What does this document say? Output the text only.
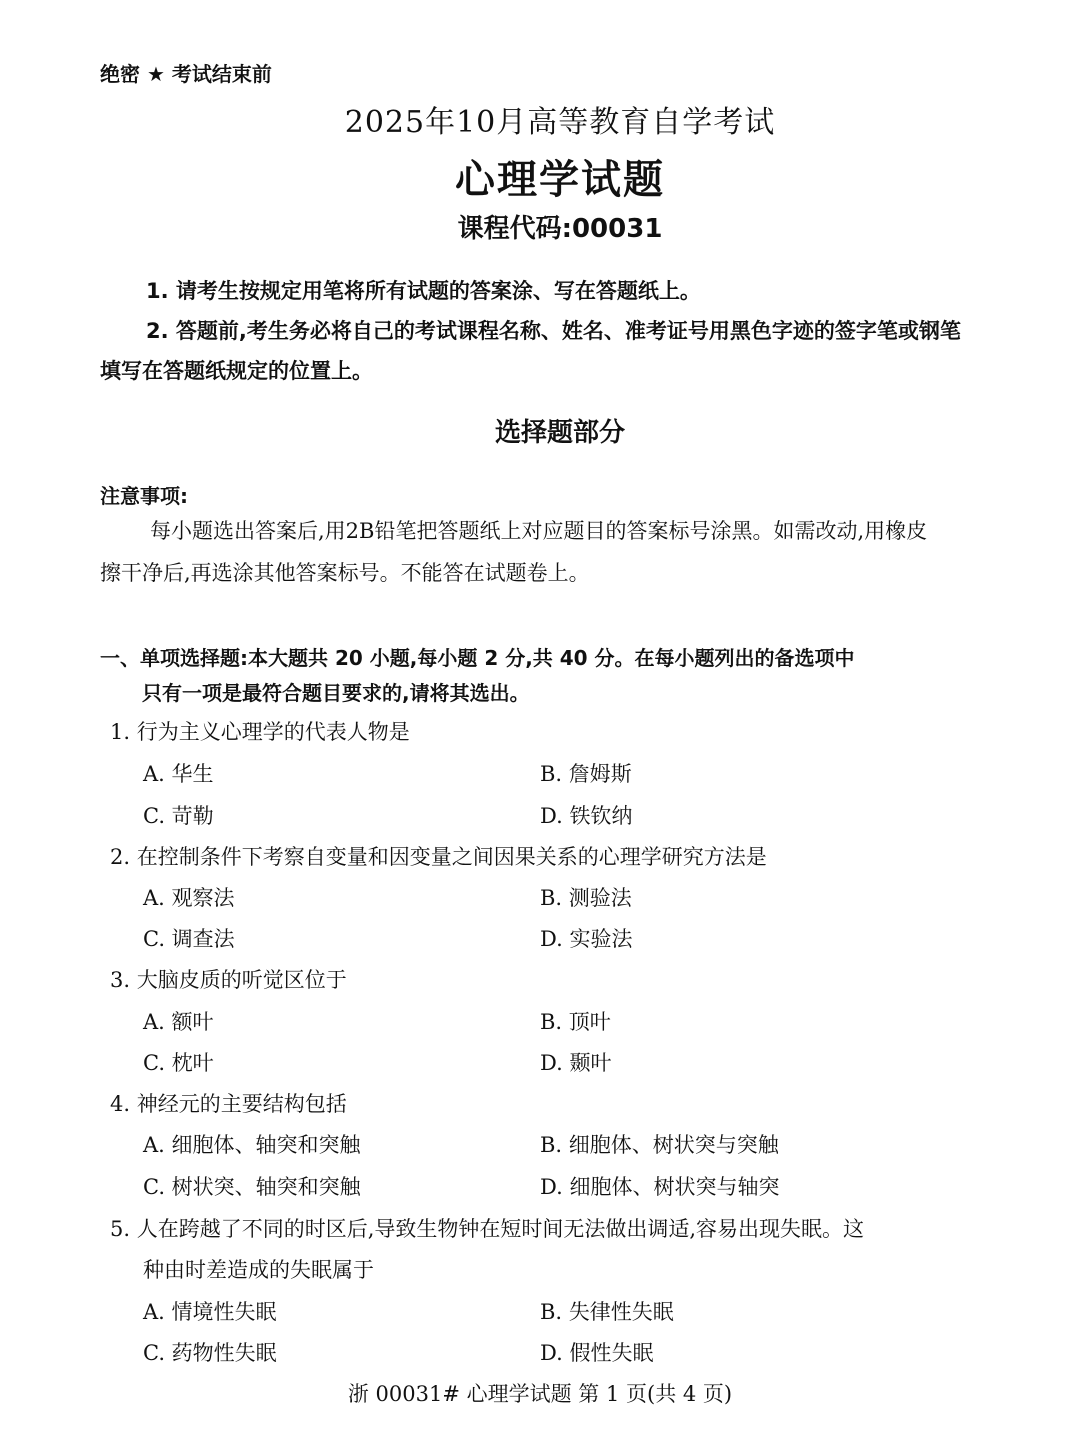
绝密 ★ 考试结束前
2025年10月高等教育自学考试
心理学试题
课程代码:00031
1. 请考生按规定用笔将所有试题的答案涂、写在答题纸上。
2. 答题前,考生务必将自己的考试课程名称、姓名、准考证号用黑色字迹的签字笔或钢笔
填写在答题纸规定的位置上。
选择题部分
注意事项:
每小题选出答案后,用2B铅笔把答题纸上对应题目的答案标号涂黑。如需改动,用橡皮
擦干净后,再选涂其他答案标号。不能答在试题卷上。
一、单项选择题:本大题共 20 小题,每小题 2 分,共 40 分。在每小题列出的备选项中
只有一项是最符合题目要求的,请将其选出。
1. 行为主义心理学的代表人物是
A. 华生	B. 詹姆斯
C. 苛勒	D. 铁钦纳
2. 在控制条件下考察自变量和因变量之间因果关系的心理学研究方法是
A. 观察法	B. 测验法
C. 调查法	D. 实验法
3. 大脑皮质的听觉区位于
A. 额叶	B. 顶叶
C. 枕叶	D. 颞叶
4. 神经元的主要结构包括
A. 细胞体、轴突和突触	B. 细胞体、树状突与突触
C. 树状突、轴突和突触	D. 细胞体、树状突与轴突
5. 人在跨越了不同的时区后,导致生物钟在短时间无法做出调适,容易出现失眠。这
种由时差造成的失眠属于
A. 情境性失眠	B. 失律性失眠
C. 药物性失眠	D. 假性失眠
浙 00031# 心理学试题 第 1 页(共 4 页)
